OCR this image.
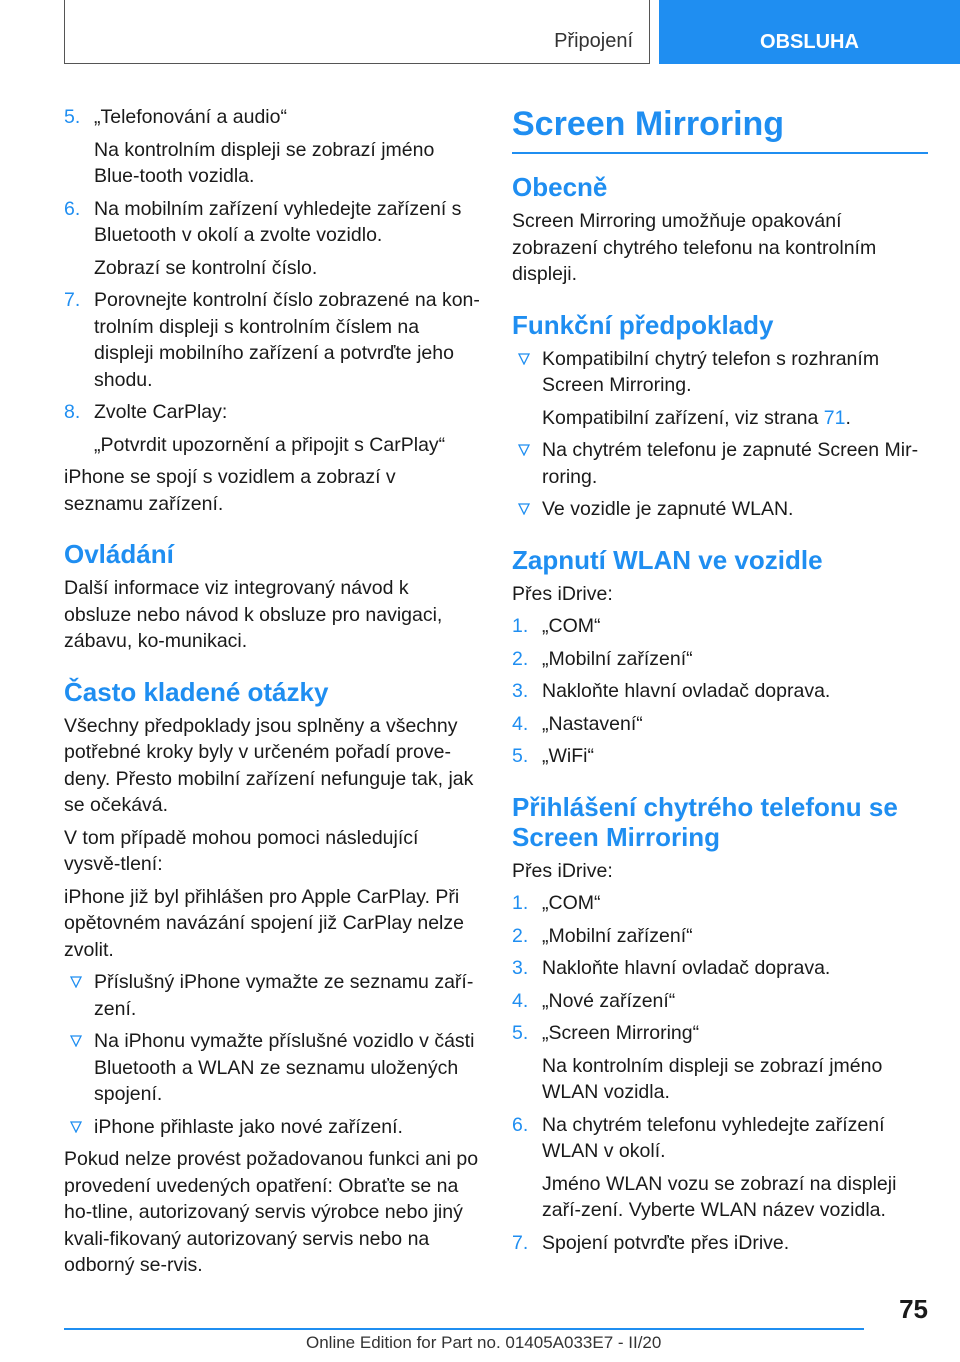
Připojení	OBSLUHA
5. „Telefonování a audio“

Na kontrolním displeji se zobrazí jméno Blue-tooth vozidla.

6. Na mobilním zařízení vyhledejte zařízení s Bluetooth v okolí a zvolte vozidlo.

Zobrazí se kontrolní číslo.

7. Porovnejte kontrolní číslo zobrazené na kon-trolním displeji s kontrolním číslem na displeji mobilního zařízení a potvrďte jeho shodu.

8. Zvolte CarPlay:

„Potvrdit upozornění a připojit s CarPlay“

iPhone se spojí s vozidlem a zobrazí v seznamu zařízení.

Ovládání

Další informace viz integrovaný návod k obsluze nebo návod k obsluze pro navigaci, zábavu, ko-munikaci.

Často kladené otázky

Všechny předpoklady jsou splněny a všechny potřebné kroky byly v určeném pořadí prove-deny. Přesto mobilní zařízení nefunguje tak, jak se očekává.

V tom případě mohou pomoci následující vysvě-tlení:

iPhone již byl přihlášen pro Apple CarPlay. Při opětovném navázání spojení již CarPlay nelze zvolit.

Příslušný iPhone vymažte ze seznamu zaří-zení.

Na iPhonu vymažte příslušné vozidlo v části Bluetooth a WLAN ze seznamu uložených spojení.

iPhone přihlaste jako nové zařízení.

Pokud nelze provést požadovanou funkci ani po provedení uvedených opatření: Obraťte se na ho-tline, autorizovaný servis výrobce nebo jiný kvali-fikovaný autorizovaný servis nebo na odborný se-rvis.

Screen Mirroring
Obecně

Screen Mirroring umožňuje opakování zobrazení chytrého telefonu na kontrolním displeji.

Funkční předpoklady

Kompatibilní chytrý telefon s rozhraním Screen Mirroring.

Kompatibilní zařízení, viz strana 71.

Na chytrém telefonu je zapnuté Screen Mir-roring.

Ve vozidle je zapnuté WLAN.

Zapnutí WLAN ve vozidle

Přes iDrive:

1. „COM“

2. „Mobilní zařízení“

3. Nakloňte hlavní ovladač doprava.

4. „Nastavení“

5. „WiFi“

Přihlášení chytrého telefonu se Screen Mirroring

Přes iDrive:

1. „COM“

2. „Mobilní zařízení“

3. Nakloňte hlavní ovladač doprava.

4. „Nové zařízení“

5. „Screen Mirroring“

Na kontrolním displeji se zobrazí jméno WLAN vozidla.

6. Na chytrém telefonu vyhledejte zařízení WLAN v okolí.

Jméno WLAN vozu se zobrazí na displeji zaří-zení. Vyberte WLAN název vozidla.

7. Spojení potvrďte přes iDrive.

75
Online Edition for Part no. 01405A033E7 - II/20
